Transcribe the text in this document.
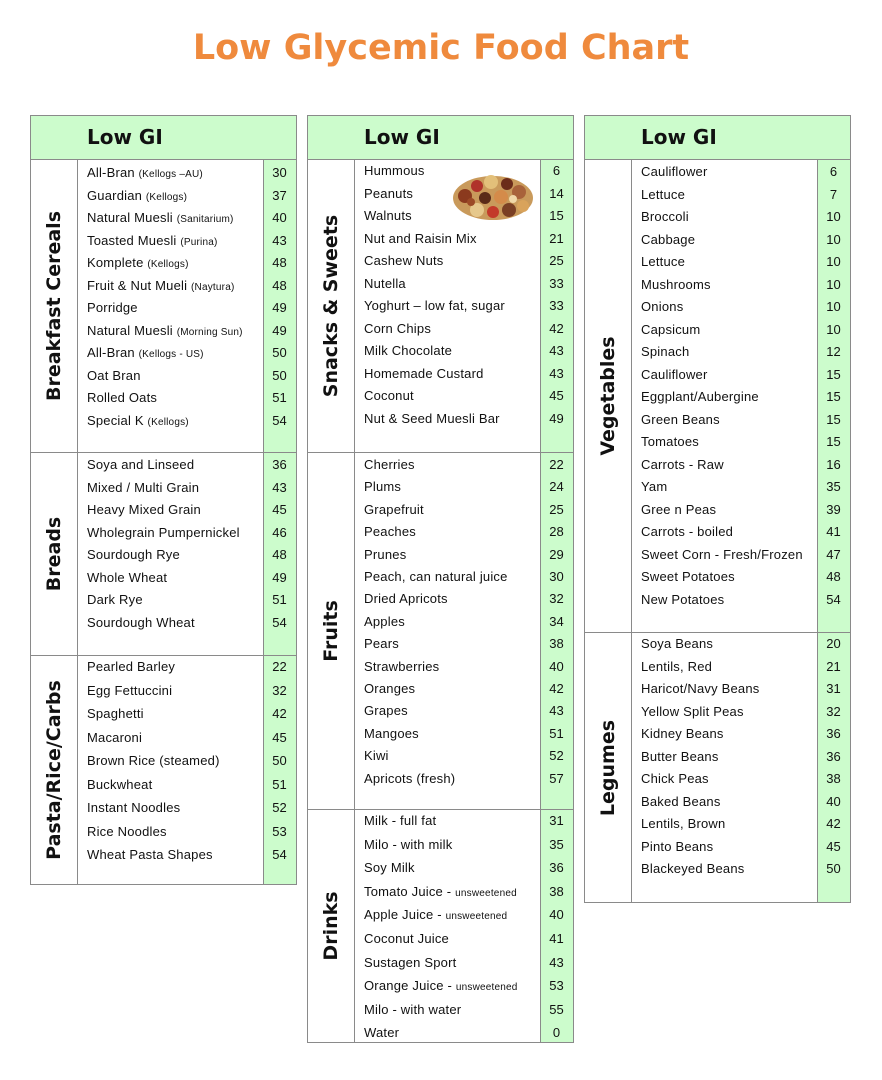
Low Glycemic Food Chart
Low GI
Breakfast Cereals
All-Bran (Kellogs –AU)	30
Guardian (Kellogs)	37
Natural Muesli (Sanitarium)	40
Toasted Muesli (Purina)	43
Komplete (Kellogs)	48
Fruit & Nut Mueli (Naytura)	48
Porridge	49
Natural Muesli (Morning Sun)	49
All-Bran (Kellogs - US)	50
Oat Bran	50
Rolled Oats	51
Special K (Kellogs)	54
Breads
Soya and Linseed	36
Mixed / Multi Grain	43
Heavy Mixed Grain	45
Wholegrain Pumpernickel	46
Sourdough Rye	48
Whole Wheat	49
Dark Rye	51
Sourdough Wheat	54
Pasta/Rice/Carbs
Pearled Barley	22
Egg Fettuccini	32
Spaghetti	42
Macaroni	45
Brown Rice (steamed)	50
Buckwheat	51
Instant Noodles	52
Rice Noodles	53
Wheat Pasta Shapes	54
Low GI
Snacks & Sweets
Hummous	6
Peanuts	14
Walnuts	15
Nut and Raisin Mix	21
Cashew Nuts	25
Nutella	33
Yoghurt – low fat, sugar	33
Corn Chips	42
Milk Chocolate	43
Homemade Custard	43
Coconut	45
Nut & Seed Muesli Bar	49
Fruits
Cherries	22
Plums	24
Grapefruit	25
Peaches	28
Prunes	29
Peach, can natural juice	30
Dried Apricots	32
Apples	34
Pears	38
Strawberries	40
Oranges	42
Grapes	43
Mangoes	51
Kiwi	52
Apricots (fresh)	57
Drinks
Milk - full fat	31
Milo - with milk	35
Soy Milk	36
Tomato Juice - unsweetened	38
Apple Juice - unsweetened	40
Coconut Juice	41
Sustagen Sport	43
Orange Juice - unsweetened	53
Milo - with water	55
Water	0
Low GI
Vegetables
Cauliflower	6
Lettuce	7
Broccoli	10
Cabbage	10
Lettuce	10
Mushrooms	10
Onions	10
Capsicum	10
Spinach	12
Cauliflower	15
Eggplant/Aubergine	15
Green Beans	15
Tomatoes	15
Carrots - Raw	16
Yam	35
Gree n Peas	39
Carrots - boiled	41
Sweet Corn - Fresh/Frozen	47
Sweet Potatoes	48
New Potatoes	54
Legumes
Soya Beans	20
Lentils, Red	21
Haricot/Navy Beans	31
Yellow Split Peas	32
Kidney Beans	36
Butter Beans	36
Chick Peas	38
Baked Beans	40
Lentils, Brown	42
Pinto Beans	45
Blackeyed Beans	50
